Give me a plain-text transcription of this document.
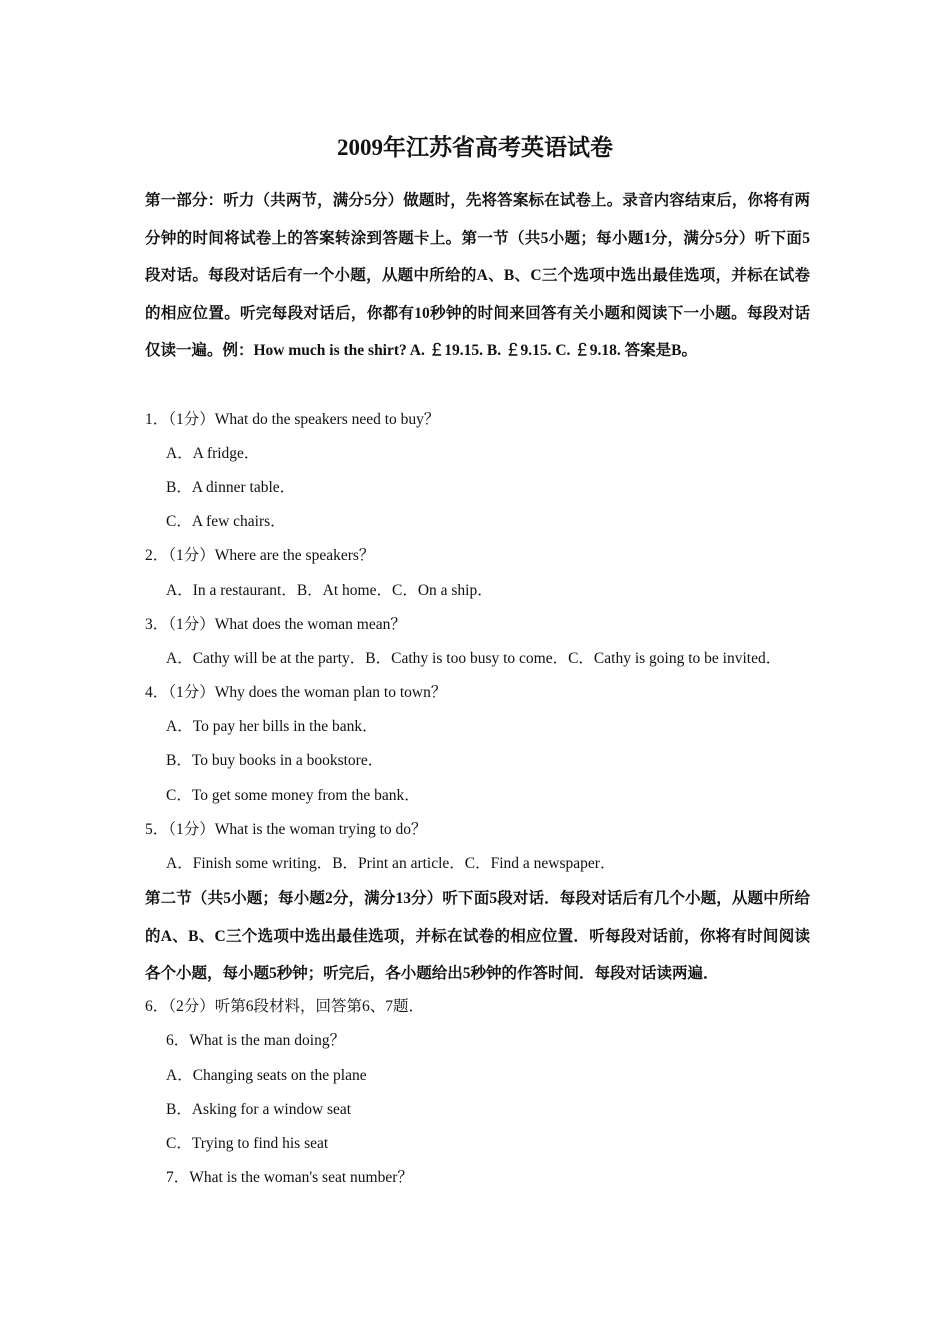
2009年江苏省高考英语试卷

第一部分：听力（共两节，满分5分）做题时，先将答案标在试卷上。录音内容结束后，你将有两分钟的时间将试卷上的答案转涂到答题卡上。第一节（共5小题；每小题1分，满分5分）听下面5段对话。每段对话后有一个小题，从题中所给的A、B、C三个选项中选出最佳选项，并标在试卷的相应位置。听完每段对话后，你都有10秒钟的时间来回答有关小题和阅读下一小题。每段对话仅读一遍。例：How much is the shirt? A. ￡19.15. B. ￡9.15. C. ￡9.18. 答案是B。

1．（1分）What do the speakers need to buy？

A．A fridge．

B．A dinner table．

C．A few chairs．

2．（1分）Where are the speakers？

A．In a restaurant．B．At home．C．On a ship．

3．（1分）What does the woman mean？

A．Cathy will be at the party．B．Cathy is too busy to come．C．Cathy is going to be invited．

4．（1分）Why does the woman plan to town？

A．To pay her bills in the bank．

B．To buy books in a bookstore．

C．To get some money from the bank．

5．（1分）What is the woman trying to do？

A．Finish some writing．B．Print an article．C．Find a newspaper．

第二节（共5小题；每小题2分，满分13分）听下面5段对话．每段对话后有几个小题，从题中所给的A、B、C三个选项中选出最佳选项，并标在试卷的相应位置．听每段对话前，你将有时间阅读各个小题，每小题5秒钟；听完后，各小题给出5秒钟的作答时间．每段对话读两遍．

6．（2分）听第6段材料，回答第6、7题．

6．What is the man doing？

A．Changing seats on the plane

B．Asking for a window seat

C．Trying to find his seat

7．What is the woman's seat number？
